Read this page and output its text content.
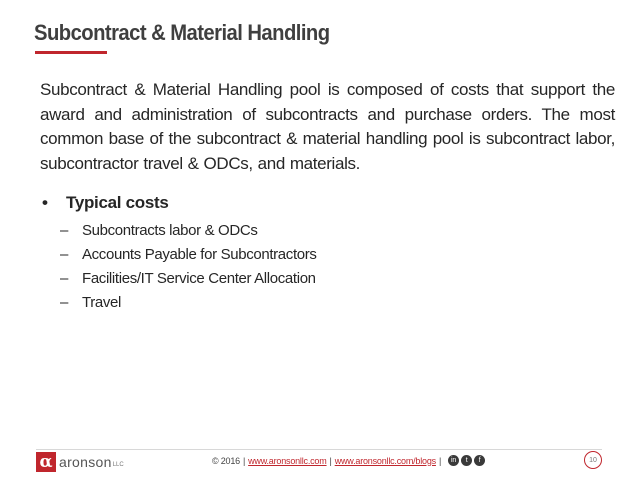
Subcontract & Material Handling
Subcontract & Material Handling pool is composed of costs that support the award and administration of subcontracts and purchase orders. The most common base of the subcontract & material handling pool is subcontract labor, subcontractor travel & ODCs, and materials.
•	Typical costs
– Subcontracts labor & ODCs
– Accounts Payable for Subcontractors
– Facilities/IT Service Center Allocation
– Travel
α aronson LLC	© 2016 | www.aronsonllc.com | www.aronsonllc.com/blogs |	in	t	f	10
